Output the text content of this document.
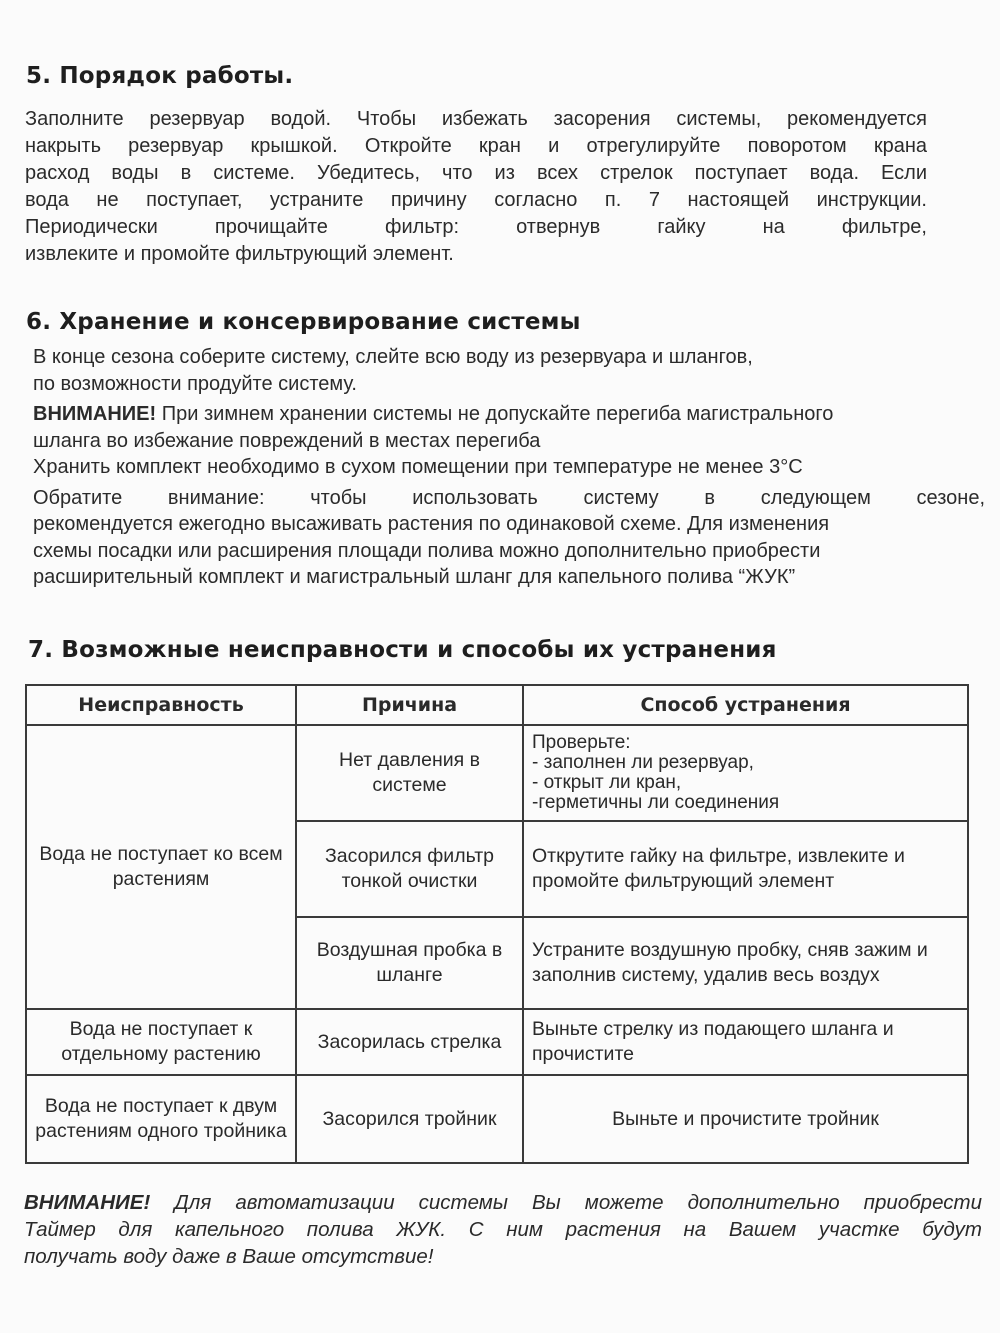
5. Порядок работы.
Заполните резервуар водой. Чтобы избежать засорения системы, рекомендуется
накрыть резервуар крышкой. Откройте кран и отрегулируйте поворотом крана
расход воды в системе. Убедитесь, что из всех стрелок поступает вода. Если
вода не поступает, устраните причину согласно п. 7 настоящей инструкции.
Периодически прочищайте фильтр: отвернув гайку на фильтре,
извлеките и промойте фильтрующий элемент.
6. Хранение и консервирование системы
В конце сезона соберите систему, слейте всю воду из резервуара и шлангов,
по возможности продуйте систему.
ВНИМАНИЕ! При зимнем хранении системы не допускайте перегиба магистрального
шланга во избежание повреждений в местах перегиба
Хранить комплект необходимо в сухом помещении при температуре не менее 3°C
Обратите внимание: чтобы использовать систему в следующем сезоне,
рекомендуется ежегодно высаживать растения по одинаковой схеме. Для изменения
схемы посадки или расширения площади полива можно дополнительно приобрести
расширительный комплект и магистральный шланг для капельного полива “ЖУК”
7. Возможные неисправности и способы их устранения
Неисправность	Причина	Способ устранения
Вода не поступает ко всем растениям	Нет давления в системе	Проверьте:
- заполнен ли резервуар,
- открыт ли кран,
-герметичны ли соединения

	Засорился фильтр тонкой очистки	Открутите гайку на фильтре, извлеките и промойте фильтрующий элемент
	Воздушная пробка в шланге	Устраните воздушную пробку, сняв зажим и заполнив систему, удалив весь воздух
Вода не поступает к отдельному растению	Засорилась стрелка	Выньте стрелку из подающего шланга и прочистите
Вода не поступает к двум растениям одного тройника	Засорился тройник	Выньте и прочистите тройник
ВНИМАНИЕ! Для автоматизации системы Вы можете дополнительно приобрести
Таймер для капельного полива ЖУК. С ним растения на Вашем участке будут
получать воду даже в Ваше отсутствие!
